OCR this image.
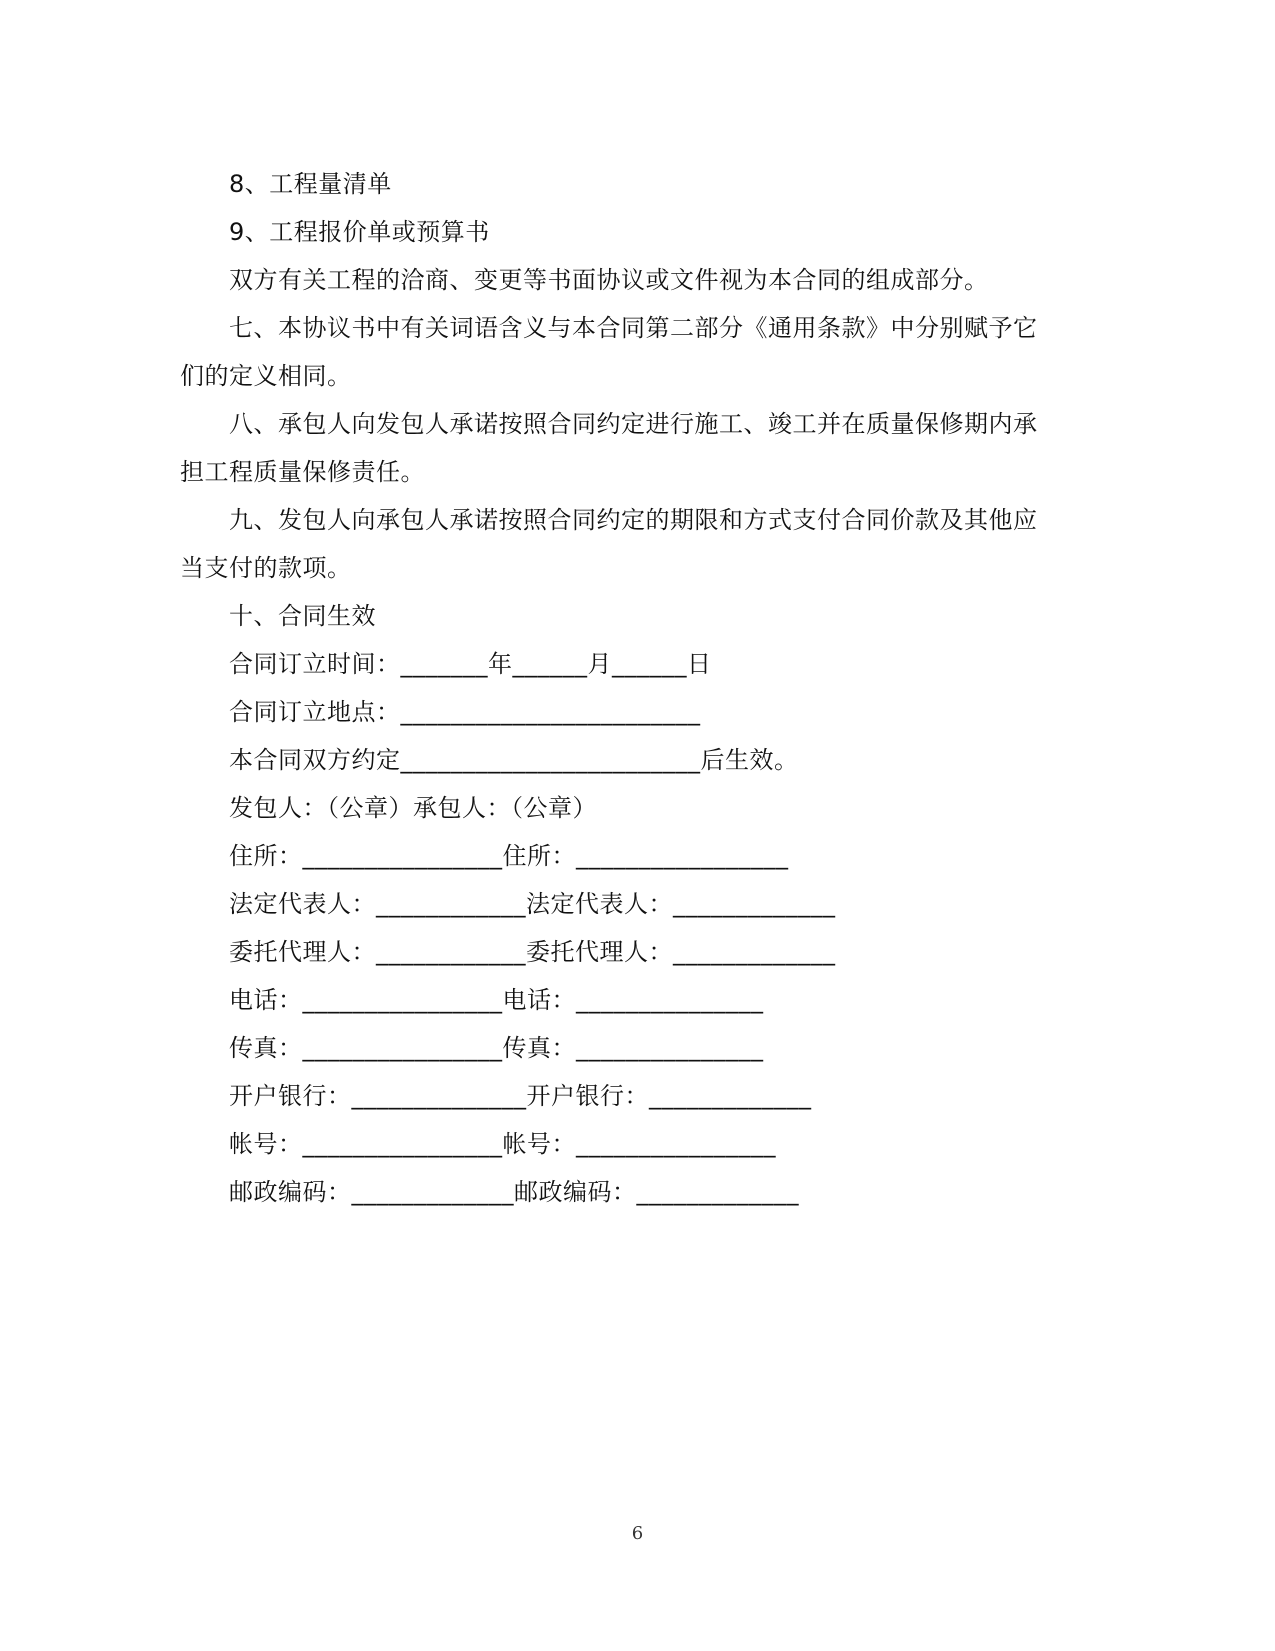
8、工程量清单

9、工程报价单或预算书

双方有关工程的洽商、变更等书面协议或文件视为本合同的组成部分。

七、本协议书中有关词语含义与本合同第二部分《通用条款》中分别赋予它

们的定义相同。

八、承包人向发包人承诺按照合同约定进行施工、竣工并在质量保修期内承

担工程质量保修责任。

九、发包人向承包人承诺按照合同约定的期限和方式支付合同价款及其他应

当支付的款项。

十、合同生效

合同订立时间：_______年______月______日

合同订立地点：________________________

本合同双方约定________________________后生效。

发包人：（公章）承包人：（公章）

住所：________________住所：_________________

法定代表人：____________法定代表人：_____________

委托代理人：____________委托代理人：_____________

电话：________________电话：_______________

传真：________________传真：_______________

开户银行：______________开户银行：_____________

帐号：________________帐号：________________

邮政编码：_____________邮政编码：_____________

6
